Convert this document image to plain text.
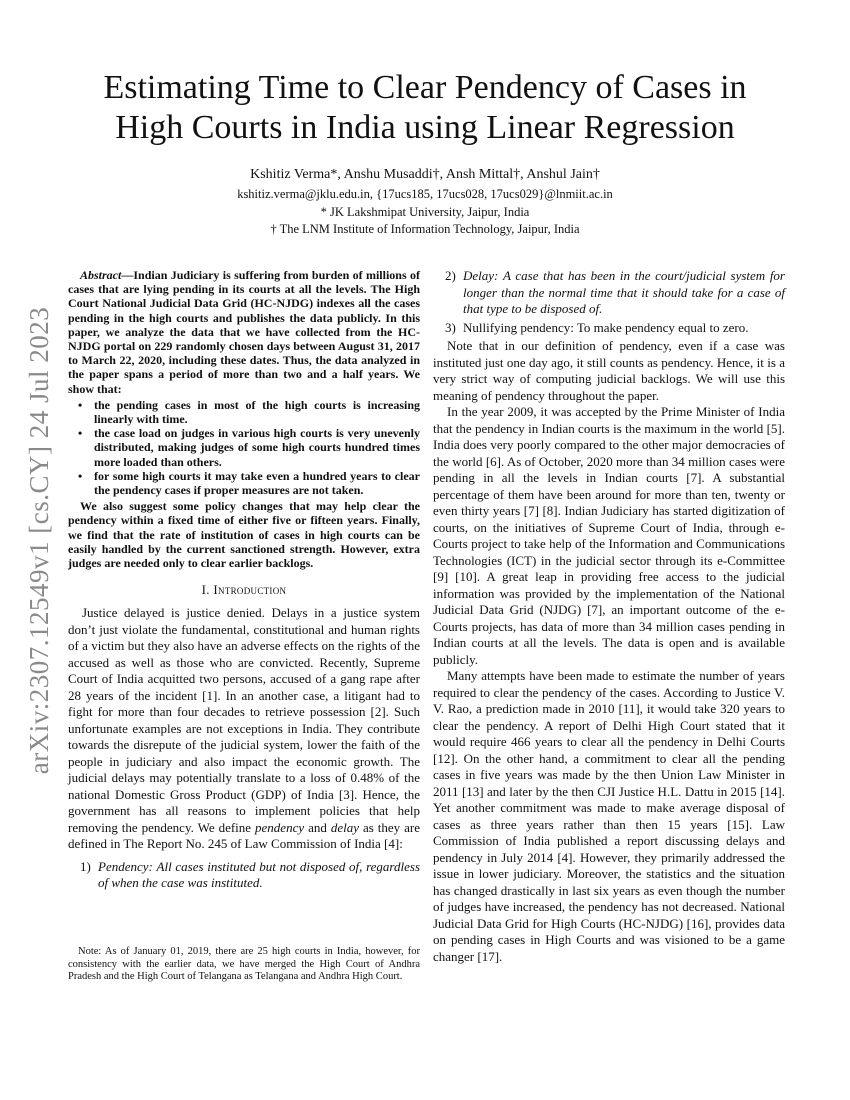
arXiv:2307.12549v1 [cs.CY] 24 Jul 2023
Estimating Time to Clear Pendency of Cases in
High Courts in India using Linear Regression
Kshitiz Verma*, Anshu Musaddi†, Ansh Mittal†, Anshul Jain†
kshitiz.verma@jklu.edu.in, {17ucs185, 17ucs028, 17ucs029}@lnmiit.ac.in
* JK Lakshmipat University, Jaipur, India
† The LNM Institute of Information Technology, Jaipur, India

Abstract—Indian Judiciary is suffering from burden of millions of cases that are lying pending in its courts at all the levels. The High Court National Judicial Data Grid (HC-NJDG) indexes all the cases pending in the high courts and publishes the data publicly. In this paper, we analyze the data that we have collected from the HC-NJDG portal on 229 randomly chosen days between August 31, 2017 to March 22, 2020, including these dates. Thus, the data analyzed in the paper spans a period of more than two and a half years. We show that:

• the pending cases in most of the high courts is increasing linearly with time.
• the case load on judges in various high courts is very unevenly distributed, making judges of some high courts hundred times more loaded than others.
• for some high courts it may take even a hundred years to clear the pendency cases if proper measures are not taken.

We also suggest some policy changes that may help clear the pendency within a fixed time of either five or fifteen years. Finally, we find that the rate of institution of cases in high courts can be easily handled by the current sanctioned strength. However, extra judges are needed only to clear earlier backlogs.

I. Introduction

Justice delayed is justice denied. Delays in a justice system don’t just violate the fundamental, constitutional and human rights of a victim but they also have an adverse effects on the rights of the accused as well as those who are convicted. Recently, Supreme Court of India acquitted two persons, accused of a gang rape after 28 years of the incident [1]. In an another case, a litigant had to fight for more than four decades to retrieve possession [2]. Such unfortunate examples are not exceptions in India. They contribute towards the disrepute of the judicial system, lower the faith of the people in judiciary and also impact the economic growth. The judicial delays may potentially translate to a loss of 0.48% of the national Domestic Gross Product (GDP) of India [3]. Hence, the government has all reasons to implement policies that help removing the pendency. We define pendency and delay as they are defined in The Report No. 245 of Law Commission of India [4]:

1) Pendency: All cases instituted but not disposed of, regardless of when the case was instituted.
Note: As of January 01, 2019, there are 25 high courts in India, however, for consistency with the earlier data, we have merged the High Court of Andhra Pradesh and the High Court of Telangana as Telangana and Andhra High Court.
2) Delay: A case that has been in the court/judicial system for longer than the normal time that it should take for a case of that type to be disposed of.
3) Nullifying pendency: To make pendency equal to zero.

Note that in our definition of pendency, even if a case was instituted just one day ago, it still counts as pendency. Hence, it is a very strict way of computing judicial backlogs. We will use this meaning of pendency throughout the paper.

In the year 2009, it was accepted by the Prime Minister of India that the pendency in Indian courts is the maximum in the world [5]. India does very poorly compared to the other major democracies of the world [6]. As of October, 2020 more than 34 million cases were pending in all the levels in Indian courts [7]. A substantial percentage of them have been around for more than ten, twenty or even thirty years [7] [8]. Indian Judiciary has started digitization of courts, on the initiatives of Supreme Court of India, through e-Courts project to take help of the Information and Communications Technologies (ICT) in the judicial sector through its e-Committee [9] [10]. A great leap in providing free access to the judicial information was provided by the implementation of the National Judicial Data Grid (NJDG) [7], an important outcome of the e-Courts projects, has data of more than 34 million cases pending in Indian courts at all the levels. The data is open and is available publicly.

Many attempts have been made to estimate the number of years required to clear the pendency of the cases. According to Justice V. V. Rao, a prediction made in 2010 [11], it would take 320 years to clear the pendency. A report of Delhi High Court stated that it would require 466 years to clear all the pendency in Delhi Courts [12]. On the other hand, a commitment to clear all the pending cases in five years was made by the then Union Law Minister in 2011 [13] and later by the then CJI Justice H.L. Dattu in 2015 [14]. Yet another commitment was made to make average disposal of cases as three years rather than then 15 years [15]. Law Commission of India published a report discussing delays and pendency in July 2014 [4]. However, they primarily addressed the issue in lower judiciary. Moreover, the statistics and the situation has changed drastically in last six years as even though the number of judges have increased, the pendency has not decreased. National Judicial Data Grid for High Courts (HC-NJDG) [16], provides data on pending cases in High Courts and was visioned to be a game changer [17].
